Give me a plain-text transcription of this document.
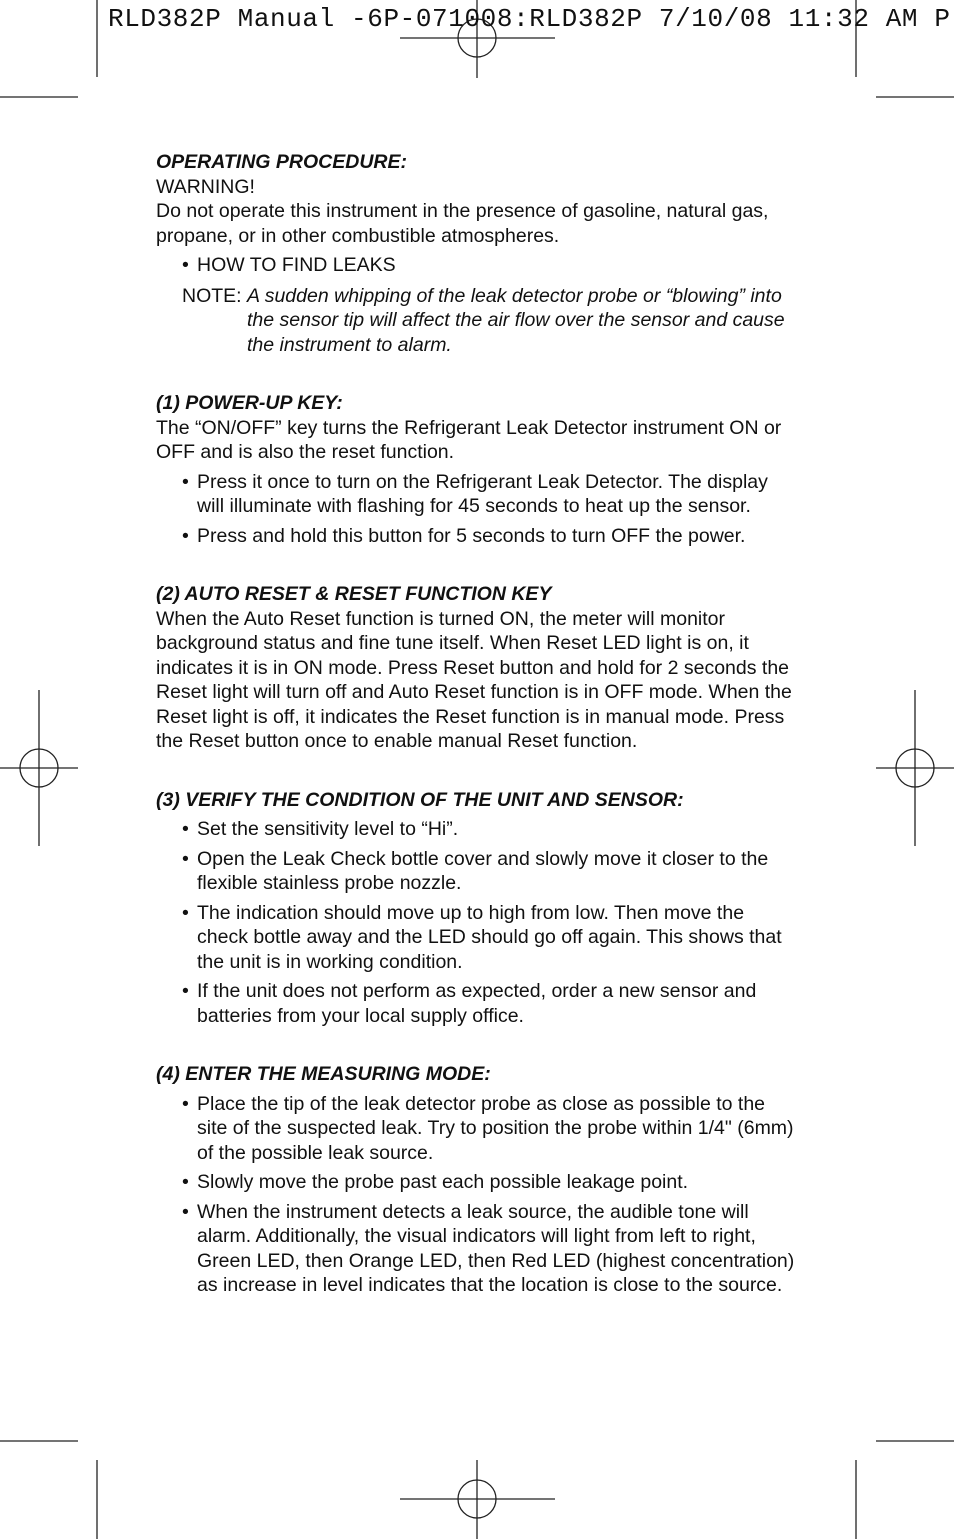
RLD382P Manual -6P-071008:RLD382P 7/10/08 11:32 AM P

OPERATING PROCEDURE:

WARNING!

Do not operate this instrument in the presence of gasoline, natural gas, propane, or in other combustible atmospheres.

• HOW TO FIND LEAKS
NOTE: A sudden whipping of the leak detector probe or “blowing” into the sensor tip will affect the air flow over the sensor and cause the instrument to alarm.

(1) POWER-UP KEY:

The “ON/OFF” key turns the Refrigerant Leak Detector instrument ON or OFF and is also the reset function.

• Press it once to turn on the Refrigerant Leak Detector. The display will illuminate with flashing for 45 seconds to heat up the sensor.
• Press and hold this button for 5 seconds to turn OFF the power.

(2) AUTO RESET & RESET FUNCTION KEY

When the Auto Reset function is turned ON, the meter will monitor background status and fine tune itself. When Reset LED light is on, it indicates it is in ON mode. Press Reset button and hold for 2 seconds the Reset light will turn off and Auto Reset function is in OFF mode. When the Reset light is off, it indicates the Reset function is in manual mode. Press the Reset button once to enable manual Reset function.

(3) VERIFY THE CONDITION OF THE UNIT AND SENSOR:

• Set the sensitivity level to “Hi”.
• Open the Leak Check bottle cover and slowly move it closer to the flexible stainless probe nozzle.
• The indication should move up to high from low. Then move the check bottle away and the LED should go off again. This shows that the unit is in working condition.
• If the unit does not perform as expected, order a new sensor and batteries from your local supply office.

(4) ENTER THE MEASURING MODE:

• Place the tip of the leak detector probe as close as possible to the site of the suspected leak. Try to position the probe within 1/4" (6mm) of the possible leak source.
• Slowly move the probe past each possible leakage point.
• When the instrument detects a leak source, the audible tone will alarm. Additionally, the visual indicators will light from left to right, Green LED, then Orange LED, then Red LED (highest concentration) as increase in level indicates that the location is close to the source.
